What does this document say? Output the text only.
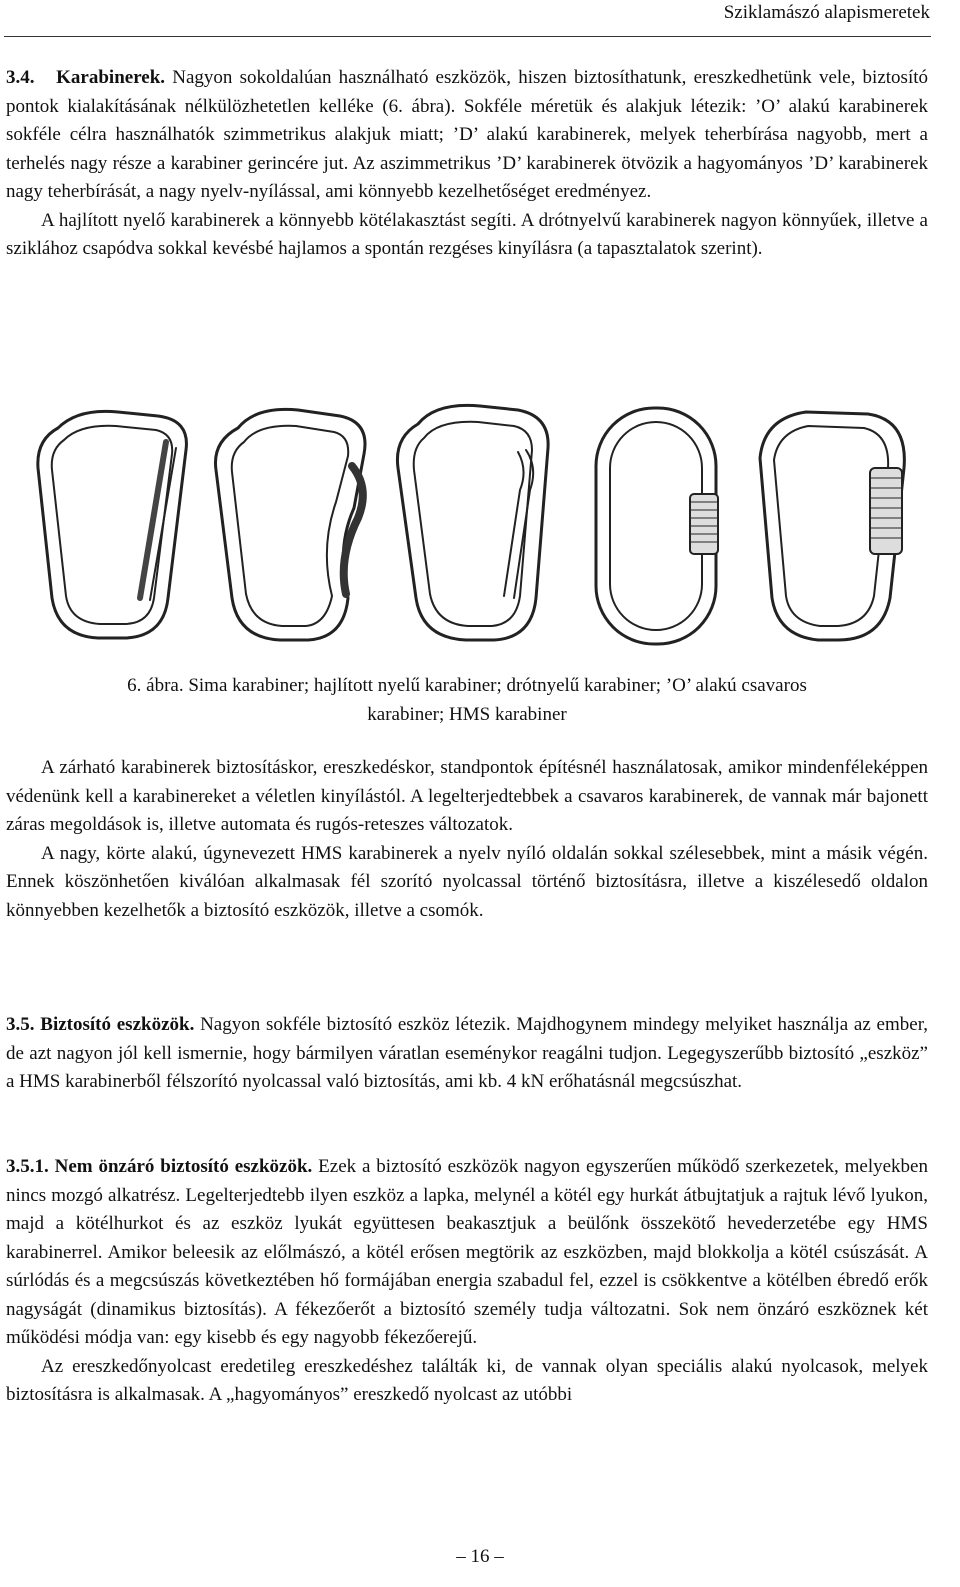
Sziklamászó alapismeretek

3.4. Karabinerek. Nagyon sokoldalúan használható eszközök, hiszen biztosíthatunk, ereszkedhetünk vele, biztosító pontok kialakításának nélkülözhetetlen kelléke (6. ábra). Sokféle méretük és alakjuk létezik: ’O’ alakú karabinerek sokféle célra használhatók szimmetrikus alakjuk miatt; ’D’ alakú karabinerek, melyek teherbírása nagyobb, mert a terhelés nagy része a karabiner gerincére jut. Az aszimmetrikus ’D’ karabinerek ötvözik a hagyományos ’D’ karabinerek nagy teherbírását, a nagy nyelv-nyílással, ami könnyebb kezelhetőséget eredményez.

A hajlított nyelő karabinerek a könnyebb kötélakasztást segíti. A drótnyelvű karabinerek nagyon könnyűek, illetve a sziklához csapódva sokkal kevésbé hajlamos a spontán rezgéses kinyílásra (a tapasztalatok szerint).

6. ábra. Sima karabiner; hajlított nyelű karabiner; drótnyelű karabiner; ’O’ alakú csavaros
karabiner; HMS karabiner

A zárható karabinerek biztosításkor, ereszkedéskor, standpontok építésnél használatosak, amikor mindenféleképpen védenünk kell a karabinereket a véletlen kinyílástól. A legelterjedtebbek a csavaros karabinerek, de vannak már bajonett záras megoldások is, illetve automata és rugós-reteszes változatok.

A nagy, körte alakú, úgynevezett HMS karabinerek a nyelv nyíló oldalán sokkal szélesebbek, mint a másik végén. Ennek köszönhetően kiválóan alkalmasak fél szorító nyolcassal történő biztosításra, illetve a kiszélesedő oldalon könnyebben kezelhetők a biztosító eszközök, illetve a csomók.

3.5. Biztosító eszközök. Nagyon sokféle biztosító eszköz létezik. Majdhogynem mindegy melyiket használja az ember, de azt nagyon jól kell ismernie, hogy bármilyen váratlan eseménykor reagálni tudjon. Legegyszerűbb biztosító „eszköz” a HMS karabinerből félszorító nyolcassal való biztosítás, ami kb. 4 kN erőhatásnál megcsúszhat.

3.5.1. Nem önzáró biztosító eszközök. Ezek a biztosító eszközök nagyon egyszerűen működő szerkezetek, melyekben nincs mozgó alkatrész. Legelterjedtebb ilyen eszköz a lapka, melynél a kötél egy hurkát átbujtatjuk a rajtuk lévő lyukon, majd a kötélhurkot és az eszköz lyukát együttesen beakasztjuk a beülőnk összekötő hevederzetébe egy HMS karabinerrel. Amikor beleesik az előlmászó, a kötél erősen megtörik az eszközben, majd blokkolja a kötél csúszását. A súrlódás és a megcsúszás következtében hő formájában energia szabadul fel, ezzel is csökkentve a kötélben ébredő erők nagyságát (dinamikus biztosítás). A fékezőerőt a biztosító személy tudja változatni. Sok nem önzáró eszköznek két működési módja van: egy kisebb és egy nagyobb fékezőerejű.

Az ereszkedőnyolcast eredetileg ereszkedéshez találták ki, de vannak olyan speciális alakú nyolcasok, melyek biztosításra is alkalmasak. A „hagyományos” ereszkedő nyolcast az utóbbi

– 16 –
